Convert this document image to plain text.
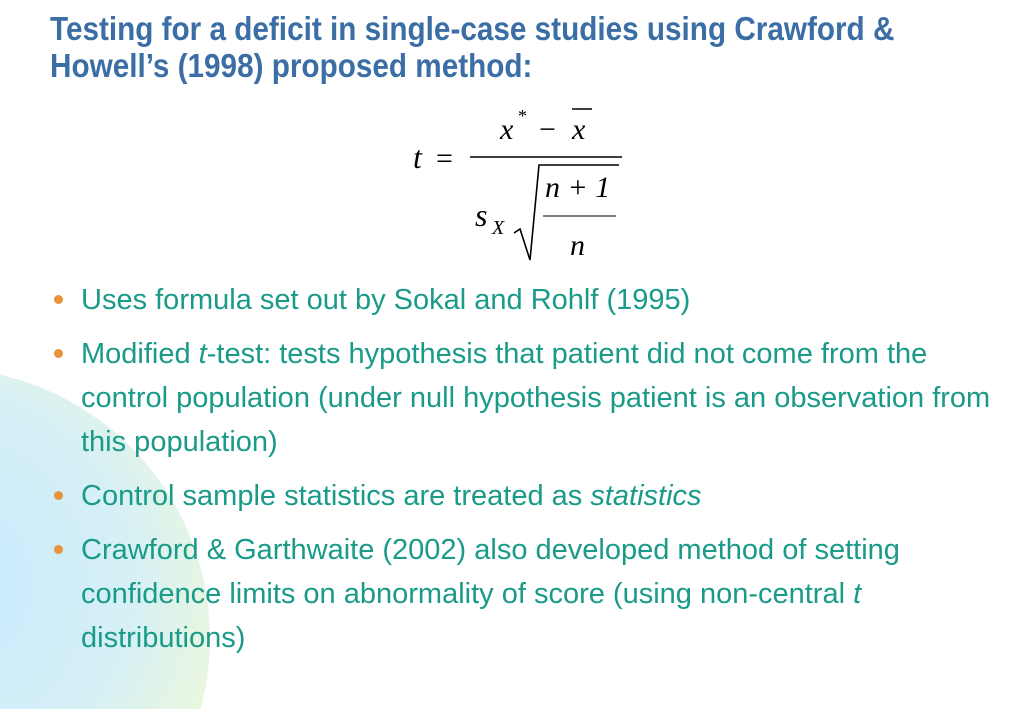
Testing for a deficit in single-case studies using Crawford & Howell’s (1998) proposed method:
t =
x * − x
s X
n + 1
n
Uses formula set out by Sokal and Rohlf (1995)
Modified t-test: tests hypothesis that patient did not come from the control population (under null hypothesis patient is an observation from this population)
Control sample statistics are treated as statistics
Crawford & Garthwaite (2002) also developed method of setting confidence limits on abnormality of score (using non-central t distributions)
